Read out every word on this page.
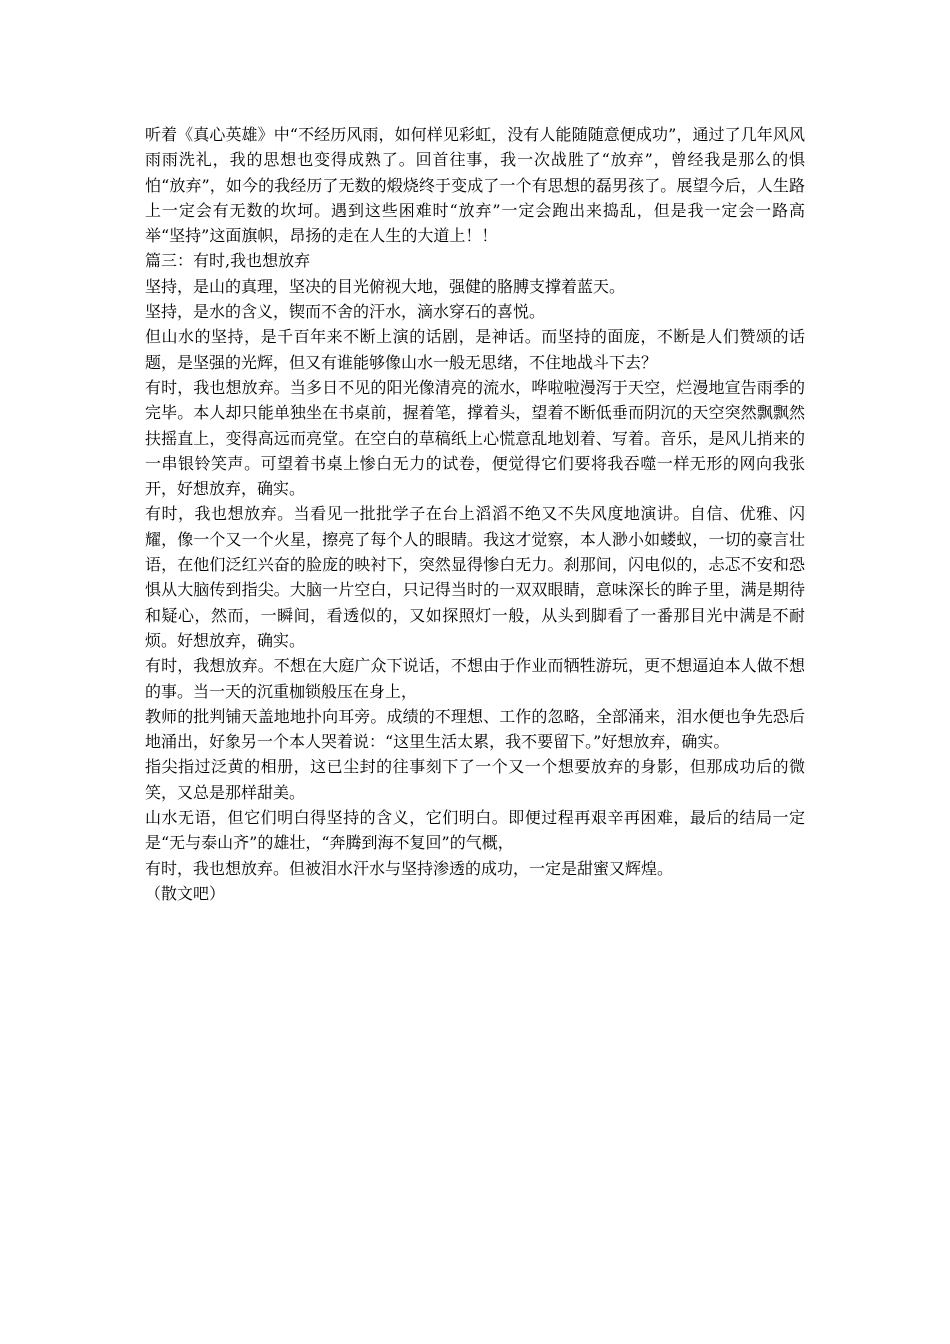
听着《真心英雄》中“不经历风雨，如何样见彩虹，没有人能随随意便成功”，通过了几年风风雨雨洗礼，我的思想也变得成熟了。回首往事，我一次战胜了“放弃”，曾经我是那么的惧怕“放弃”，如今的我经历了无数的煅烧终于变成了一个有思想的磊男孩了。展望今后，人生路上一定会有无数的坎坷。遇到这些困难时“放弃”一定会跑出来捣乱，但是我一定会一路高举“坚持”这面旗帜，昂扬的走在人生的大道上！！

篇三：有时,我也想放弃

坚持，是山的真理，坚决的目光俯视大地，强健的胳膊支撑着蓝天。

坚持，是水的含义，锲而不舍的汗水，滴水穿石的喜悦。

但山水的坚持，是千百年来不断上演的话剧，是神话。而坚持的面庞，不断是人们赞颂的话题，是坚强的光辉，但又有谁能够像山水一般无思绪，不住地战斗下去？

有时，我也想放弃。当多日不见的阳光像清亮的流水，哗啦啦漫泻于天空，烂漫地宣告雨季的完毕。本人却只能单独坐在书桌前，握着笔，撑着头，望着不断低垂而阴沉的天空突然飘飘然扶摇直上，变得高远而亮堂。在空白的草稿纸上心慌意乱地划着、写着。音乐，是风儿捎来的一串银铃笑声。可望着书桌上惨白无力的试卷，便觉得它们要将我吞噬一样无形的网向我张开，好想放弃，确实。

有时，我也想放弃。当看见一批批学子在台上滔滔不绝又不失风度地演讲。自信、优雅、闪耀，像一个又一个火星，擦亮了每个人的眼睛。我这才觉察，本人渺小如蝼蚁，一切的豪言壮语，在他们泛红兴奋的脸庞的映衬下，突然显得惨白无力。刹那间，闪电似的，忐忑不安和恐惧从大脑传到指尖。大脑一片空白，只记得当时的一双双眼睛，意味深长的眸子里，满是期待和疑心，然而，一瞬间，看透似的，又如探照灯一般，从头到脚看了一番那目光中满是不耐烦。好想放弃，确实。

有时，我想放弃。不想在大庭广众下说话，不想由于作业而牺牲游玩，更不想逼迫本人做不想的事。当一天的沉重枷锁般压在身上，

教师的批判铺天盖地地扑向耳旁。成绩的不理想、工作的忽略，全部涌来，泪水便也争先恐后地涌出，好象另一个本人哭着说：“这里生活太累，我不要留下。”好想放弃，确实。

指尖指过泛黄的相册，这已尘封的往事刻下了一个又一个想要放弃的身影，但那成功后的微笑，又总是那样甜美。

山水无语，但它们明白得坚持的含义，它们明白。即便过程再艰辛再困难，最后的结局一定是“无与泰山齐”的雄壮，“奔腾到海不复回”的气概，

有时，我也想放弃。但被泪水汗水与坚持渗透的成功，一定是甜蜜又辉煌。

（散文吧）
